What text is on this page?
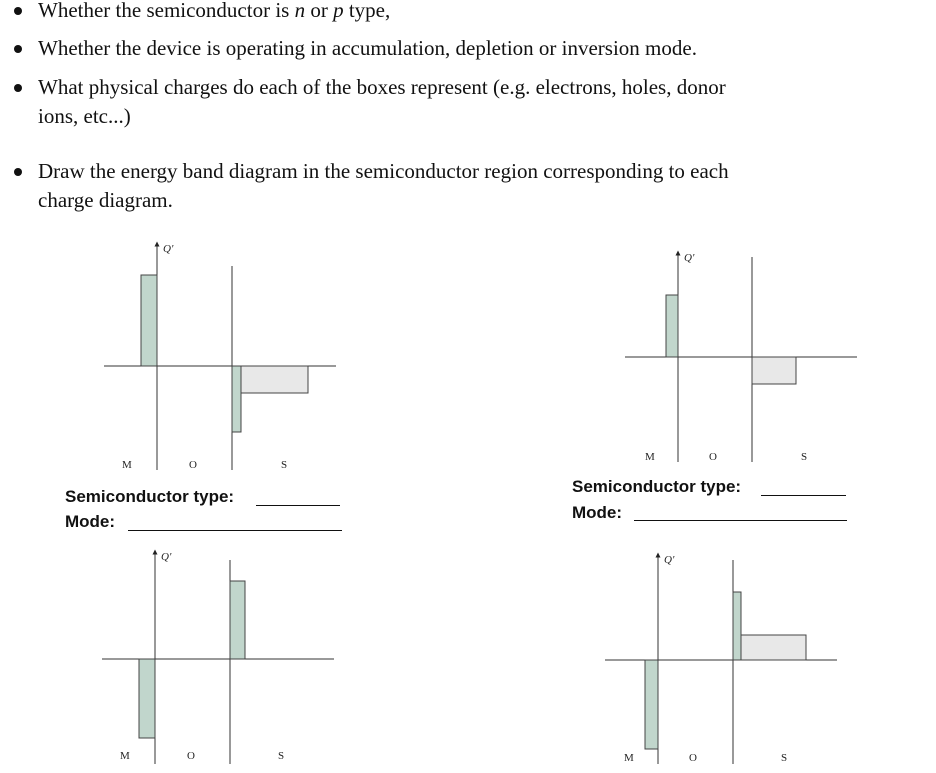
Whether the semiconductor is n or p type,
Whether the device is operating in accumulation, depletion or inversion mode.
What physical charges do each of the boxes represent (e.g. electrons, holes, donor
ions, etc...)
Draw the energy band diagram in the semiconductor region corresponding to each
charge diagram.
Q'
M	O	S
Q'
M	O	S
Q'
M	O	S
Q'
M	O	S
Semiconductor type:
Mode:
Semiconductor type:
Mode:
